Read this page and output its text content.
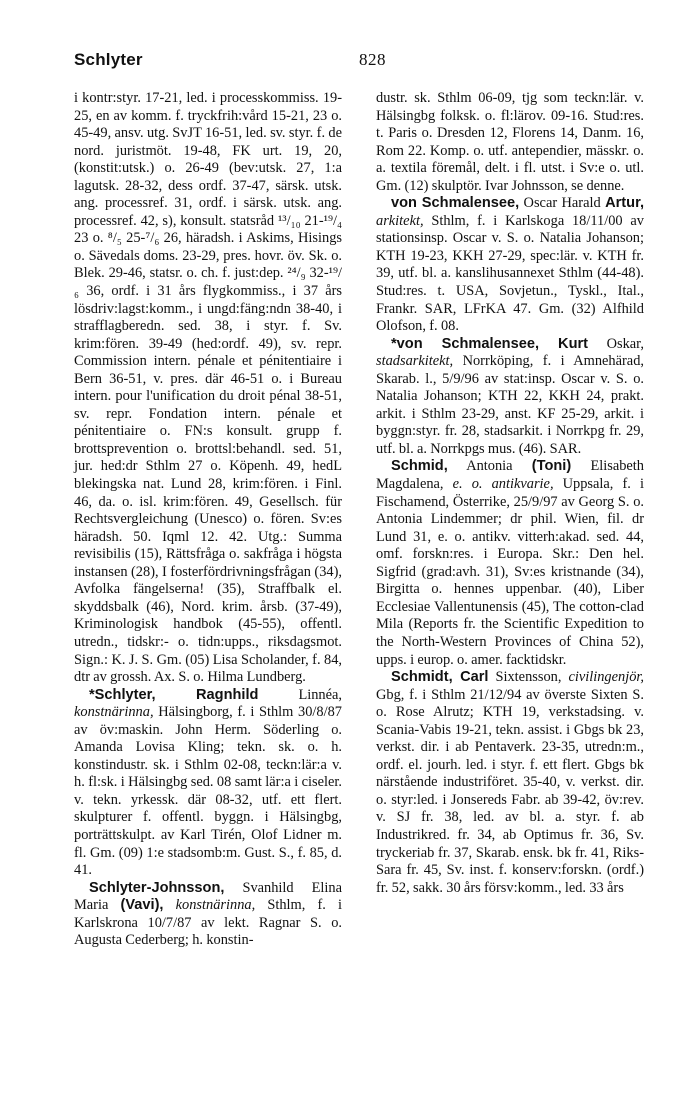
Schlyter	828

i kontr:styr. 17-21, led. i processkommiss. 19-25, en av komm. f. tryckfrih:vård 15-21, 23 o. 45-49, ansv. utg. SvJT 16-51, led. sv. styr. f. de nord. juristmöt. 19-48, FK urt. 19, 20, (konstit:utsk.) o. 26-49 (bev:utsk. 27, 1:a lagutsk. 28-32, dess ordf. 37-47, särsk. utsk. ang. processref. 31, ordf. i särsk. utsk. ang. processref. 42, s), konsult. statsråd ¹³/₁₀ 21-¹⁹/₄ 23 o. ⁸/₅ 25-⁷/₆ 26, häradsh. i Askims, Hisings o. Sävedals doms. 23-29, pres. hovr. öv. Sk. o. Blek. 29-46, statsr. o. ch. f. just:dep. ²⁴/₉ 32-¹⁹/₆ 36, ordf. i 31 års flygkommiss., i 37 års lösdriv:lagst:komm., i ungd:fäng:ndn 38-40, i strafflagberedn. sed. 38, i styr. f. Sv. krim:fören. 39-49 (hed:ordf. 49), sv. repr. Commission intern. pénale et pénitentiaire i Bern 36-51, v. pres. där 46-51 o. i Bureau intern. pour l'unification du droit pénal 38-51, sv. repr. Fondation intern. pénale et pénitentiaire o. FN:s konsult. grupp f. brottsprevention o. brottsl:behandl. sed. 51, jur. hed:dr Sthlm 27 o. Köpenh. 49, hedL blekingska nat. Lund 28, krim:fören. i Finl. 46, da. o. isl. krim:fören. 49, Gesellsch. für Rechtsvergleichung (Unesco) o. fören. Sv:es häradsh. 50. Iqml 12. 42. Utg.: Summa revisibilis (15), Rättsfråga o. sakfråga i högsta instansen (28), I fosterfördrivningsfrågan (34), Avfolka fängelserna! (35), Straffbalk el. skyddsbalk (46), Nord. krim. årsb. (37-49), Kriminologisk handbok (45-55), offentl. utredn., tidskr:- o. tidn:upps., riksdagsmot. Sign.: K. J. S. Gm. (05) Lisa Scholander, f. 84, dtr av grossh. Ax. S. o. Hilma Lundberg.

*Schlyter, Ragnhild Linnéa, konstnärinna, Hälsingborg, f. i Sthlm 30/8/87 av öv:maskin. John Herm. Söderling o. Amanda Lovisa Kling; tekn. sk. o. h. konstindustr. sk. i Sthlm 02-08, teckn:lär:a v. h. fl:sk. i Hälsingbg sed. 08 samt lär:a i ciseler. v. tekn. yrkessk. där 08-32, utf. ett flert. skulpturer f. offentl. byggn. i Hälsingbg, porträttskulpt. av Karl Tirén, Olof Lidner m. fl. Gm. (09) 1:e stadsomb:m. Gust. S., f. 85, d. 41.

Schlyter-Johnsson, Svanhild Elina Maria (Vavi), konstnärinna, Sthlm, f. i Karlskrona 10/7/87 av lekt. Ragnar S. o. Augusta Cederberg; h. konstin-

dustr. sk. Sthlm 06-09, tjg som teckn:lär. v. Hälsingbg folksk. o. fl:lärov. 09-16. Stud:res. t. Paris o. Dresden 12, Florens 14, Danm. 16, Rom 22. Komp. o. utf. antependier, mässkr. o. a. textila föremål, delt. i fl. utst. i Sv:e o. utl. Gm. (12) skulptör. Ivar Johnsson, se denne.

von Schmalensee, Oscar Harald Artur, arkitekt, Sthlm, f. i Karlskoga 18/11/00 av stationsinsp. Oscar v. S. o. Natalia Johanson; KTH 19-23, KKH 27-29, spec:lär. v. KTH fr. 39, utf. bl. a. kanslihusannexet Sthlm (44-48). Stud:res. t. USA, Sovjetun., Tyskl., Ital., Frankr. SAR, LFrKA 47. Gm. (32) Alfhild Olofson, f. 08.

*von Schmalensee, Kurt Oskar, stadsarkitekt, Norrköping, f. i Amnehärad, Skarab. l., 5/9/96 av stat:insp. Oscar v. S. o. Natalia Johanson; KTH 22, KKH 24, prakt. arkit. i Sthlm 23-29, anst. KF 25-29, arkit. i byggn:styr. fr. 28, stadsarkit. i Norrkpg fr. 29, utf. bl. a. Norrkpgs mus. (46). SAR.

Schmid, Antonia (Toni) Elisabeth Magdalena, e. o. antikvarie, Uppsala, f. i Fischamend, Österrike, 25/9/97 av Georg S. o. Antonia Lindemmer; dr phil. Wien, fil. dr Lund 31, e. o. antikv. vitterh:akad. sed. 44, omf. forskn:res. i Europa. Skr.: Den hel. Sigfrid (grad:avh. 31), Sv:es kristnande (34), Birgitta o. hennes uppenbar. (40), Liber Ecclesiae Vallentunensis (45), The cotton-clad Mila (Reports fr. the Scientific Expedition to the North-Western Provinces of China 52), upps. i europ. o. amer. facktidskr.

Schmidt, Carl Sixtensson, civilingenjör, Gbg, f. i Sthlm 21/12/94 av överste Sixten S. o. Rose Alrutz; KTH 19, verkstadsing. v. Scania-Vabis 19-21, tekn. assist. i Gbgs bk 23, verkst. dir. i ab Pentaverk. 23-35, utredn:m., ordf. el. jourh. led. i styr. f. ett flert. Gbgs bk närstående industriföret. 35-40, v. verkst. dir. o. styr:led. i Jonsereds Fabr. ab 39-42, öv:rev. v. SJ fr. 38, led. av bl. a. styr. f. ab Industrikred. fr. 34, ab Optimus fr. 36, Sv. tryckeriab fr. 37, Skarab. ensk. bk fr. 41, Riks-Sara fr. 45, Sv. inst. f. konserv:forskn. (ordf.) fr. 52, sakk. 30 års försv:komm., led. 33 års
